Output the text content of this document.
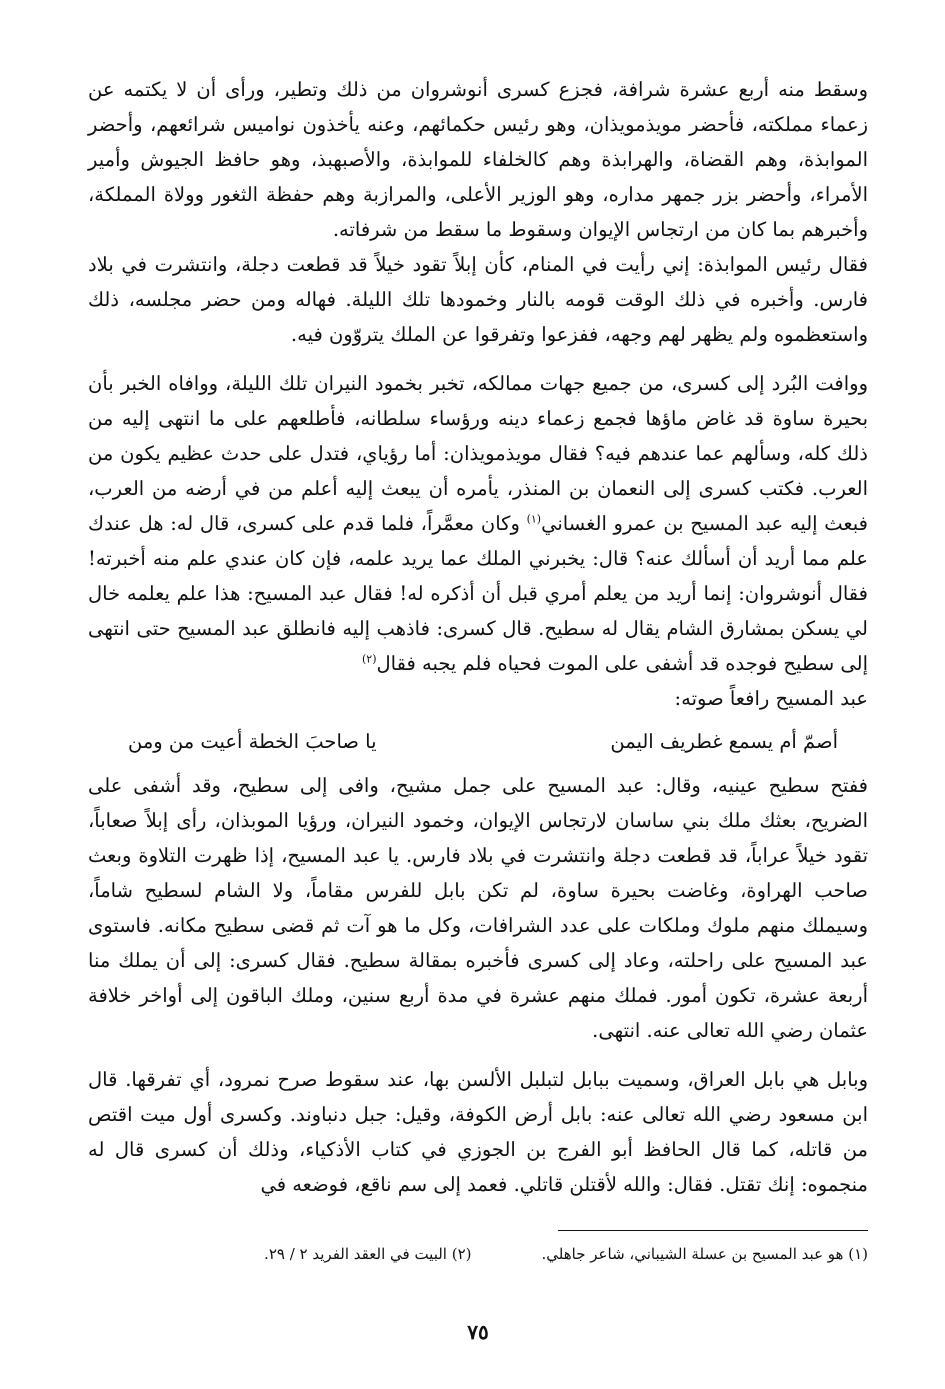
وسقط منه أربع عشرة شرافة، فجزع كسرى أنوشروان من ذلك وتطير، ورأى أن لا يكتمه عن زعماء مملكته، فأحضر مويذمويذان، وهو رئيس حكمائهم، وعنه يأخذون نواميس شرائعهم، وأحضر الموابذة، وهم القضاة، والهرابذة وهم كالخلفاء للموابذة، والأصبهبذ، وهو حافظ الجيوش وأمير الأمراء، وأحضر بزر جمهر مداره، وهو الوزير الأعلى، والمرازبة وهم حفظة الثغور وولاة المملكة، وأخبرهم بما كان من ارتجاس الإيوان وسقوط ما سقط من شرفاته.

فقال رئيس الموابذة: إني رأيت في المنام، كأن إبلاً تقود خيلاً قد قطعت دجلة، وانتشرت في بلاد فارس. وأخبره في ذلك الوقت قومه بالنار وخمودها تلك الليلة. فهاله ومن حضر مجلسه، ذلك واستعظموه ولم يظهر لهم وجهه، ففزعوا وتفرقوا عن الملك يتروّون فيه.

ووافت البُرد إلى كسرى، من جميع جهات ممالكه، تخبر بخمود النيران تلك الليلة، ووافاه الخبر بأن بحيرة ساوة قد غاض ماؤها فجمع زعماء دينه ورؤساء سلطانه، فأطلعهم على ما انتهى إليه من ذلك كله، وسألهم عما عندهم فيه؟ فقال مويذمويذان: أما رؤياي، فتدل على حدث عظيم يكون من العرب. فكتب كسرى إلى النعمان بن المنذر، يأمره أن يبعث إليه أعلم من في أرضه من العرب، فبعث إليه عبد المسيح بن عمرو الغساني$^{(١)}$ وكان معمَّراً، فلما قدم على كسرى، قال له: هل عندك علم مما أريد أن أسألك عنه؟ قال: يخبرني الملك عما يريد علمه، فإن كان عندي علم منه أخبرته! فقال أنوشروان: إنما أريد من يعلم أمري قبل أن أذكره له! فقال عبد المسيح: هذا علم يعلمه خال لي يسكن بمشارق الشام يقال له سطيح. قال كسرى: فاذهب إليه فانطلق عبد المسيح حتى انتهى إلى سطيح فوجده قد أشفى على الموت فحياه فلم يجبه فقال$^{(٢)}$

عبد المسيح رافعاً صوته:

أصمّ أم يسمع غطريف اليمن
يا صاحبَ الخطة أعيت من ومن

ففتح سطيح عينيه، وقال: عبد المسيح على جمل مشيح، وافى إلى سطيح، وقد أشفى على الضريح، بعثك ملك بني ساسان لارتجاس الإيوان، وخمود النيران، ورؤيا الموبذان، رأى إبلاً صعاباً، تقود خيلاً عراباً، قد قطعت دجلة وانتشرت في بلاد فارس. يا عبد المسيح، إذا ظهرت التلاوة وبعث صاحب الهراوة، وغاضت بحيرة ساوة، لم تكن بابل للفرس مقاماً، ولا الشام لسطيح شاماً، وسيملك منهم ملوك وملكات على عدد الشرافات، وكل ما هو آت ثم قضى سطيح مكانه. فاستوى عبد المسيح على راحلته، وعاد إلى كسرى فأخبره بمقالة سطيح. فقال كسرى: إلى أن يملك منا أربعة عشرة، تكون أمور. فملك منهم عشرة في مدة أربع سنين، وملك الباقون إلى أواخر خلافة عثمان رضي الله تعالى عنه. انتهى.

وبابل هي بابل العراق، وسميت ببابل لتبلبل الألسن بها، عند سقوط صرح نمرود، أي تفرقها. قال ابن مسعود رضي الله تعالى عنه: بابل أرض الكوفة، وقيل: جبل دنباوند. وكسرى أول ميت اقتص من قاتله، كما قال الحافظ أبو الفرج بن الجوزي في كتاب الأذكياء، وذلك أن كسرى قال له منجموه: إنك تقتل. فقال: والله لأقتلن قاتلي. فعمد إلى سم ناقع، فوضعه في

(١) هو عبد المسيح بن عسلة الشيباني، شاعر جاهلي.
(٢) البيت في العقد الفريد ٢ / ٢٩.
٧٥
